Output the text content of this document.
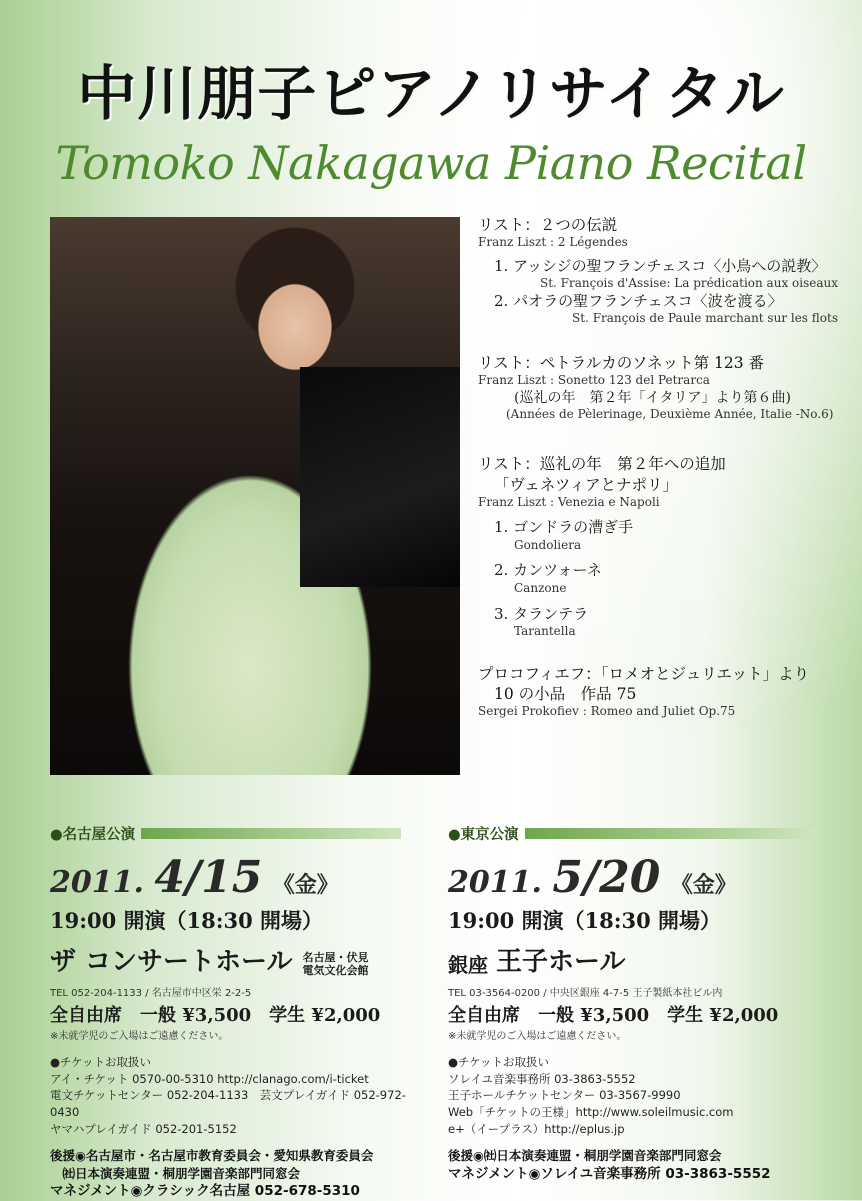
中川朋子ピアノリサイタル
Tomoko Nakagawa Piano Recital
リスト：２つの伝説
Franz Liszt : 2 Légendes
1. アッシジの聖フランチェスコ〈小鳥への説教〉
St. François d'Assise: La prédication aux oiseaux
2. パオラの聖フランチェスコ〈波を渡る〉
St. François de Paule marchant sur les flots
リスト：ペトラルカのソネット第 123 番
Franz Liszt : Sonetto 123 del Petrarca
(巡礼の年　第２年「イタリア」より第６曲)
(Années de Pèlerinage, Deuxième Année, Italie -No.6)
リスト：巡礼の年　第２年への追加
「ヴェネツィアとナポリ」
Franz Liszt : Venezia e Napoli
1. ゴンドラの漕ぎ手
Gondoliera
2. カンツォーネ
Canzone
3. タランテラ
Tarantella
プロコフィエフ：「ロメオとジュリエット」より
10 の小品　作品 75
Sergei Prokofiev : Romeo and Juliet Op.75
●名古屋公演
2011. 4/15 《金》
19:00 開演（18:30 開場）
ザ コンサートホール 名古屋・伏見
電気文化会館
TEL 052-204-1133 / 名古屋市中区栄 2-2-5
全自由席　一般 ¥3,500　学生 ¥2,000
※未就学児のご入場はご遠慮ください。
●チケットお取扱い
アイ・チケット 0570-00-5310 http://clanago.com/i-ticket
電文チケットセンター 052-204-1133　芸文プレイガイド 052-972-0430
ヤマハプレイガイド 052-201-5152
後援◉名古屋市・名古屋市教育委員会・愛知県教育委員会
　㈳日本演奏連盟・桐朋学園音楽部門同窓会
マネジメント◉クラシック名古屋 052-678-5310
●東京公演
2011. 5/20 《金》
19:00 開演（18:30 開場）
銀座 王子ホール
TEL 03-3564-0200 / 中央区銀座 4-7-5 王子製紙本社ビル内
全自由席　一般 ¥3,500　学生 ¥2,000
※未就学児のご入場はご遠慮ください。
●チケットお取扱い
ソレイユ音楽事務所 03-3863-5552
王子ホールチケットセンター 03-3567-9990
Web「チケットの王様」http://www.soleilmusic.com
e+（イープラス）http://eplus.jp
後援◉㈳日本演奏連盟・桐朋学園音楽部門同窓会
マネジメント◉ソレイユ音楽事務所 03-3863-5552
